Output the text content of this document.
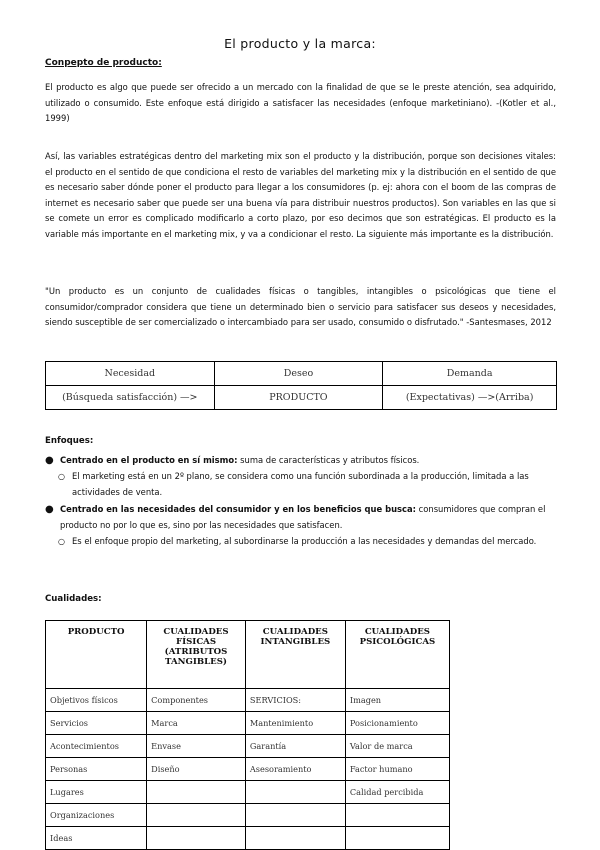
El producto y la marca:
Conpepto de producto:

El producto es algo que puede ser ofrecido a un mercado con la finalidad de que se le preste atención, sea adquirido, utilizado o consumido. Este enfoque está dirigido a satisfacer las necesidades (enfoque marketiniano). -(Kotler et al., 1999)

Así, las variables estratégicas dentro del marketing mix son el producto y la distribución, porque son decisiones vitales: el producto en el sentido de que condiciona el resto de variables del marketing mix y la distribución en el sentido de que es necesario saber dónde poner el producto para llegar a los consumidores (p. ej: ahora con el boom de las compras de internet es necesario saber que puede ser una buena vía para distribuir nuestros productos). Son variables en las que si se comete un error es complicado modificarlo a corto plazo, por eso decimos que son estratégicas. El producto es la variable más importante en el marketing mix, y va a condicionar el resto. La siguiente más importante es la distribución.

"Un producto es un conjunto de cualidades físicas o tangibles, intangibles o psicológicas que tiene el consumidor/comprador considera que tiene un determinado bien o servicio para satisfacer sus deseos y necesidades, siendo susceptible de ser comercializado o intercambiado para ser usado, consumido o disfrutado." -Santesmases, 2012

Necesidad	Deseo	Demanda
(Búsqueda satisfacción) —>	PRODUCTO	(Expectativas) —>(Arriba)
Enfoques:
● Centrado en el producto en sí mismo: suma de características y atributos físicos.
○ El marketing está en un 2º plano, se considera como una función subordinada a la producción, limitada a las actividades de venta.
● Centrado en las necesidades del consumidor y en los beneficios que busca: consumidores que compran el producto no por lo que es, sino por las necesidades que satisfacen.
○ Es el enfoque propio del marketing, al subordinarse la producción a las necesidades y demandas del mercado.
Cualidades:
PRODUCTO	CUALIDADES FÍSICAS (ATRIBUTOS TANGIBLES)	CUALIDADES INTANGIBLES	CUALIDADES PSICOLÓGICAS
Objetivos físicos	Componentes	SERVICIOS:	Imagen
Servicios	Marca	Mantenimiento	Posicionamiento
Acontecimientos	Envase	Garantía	Valor de marca
Personas	Diseño	Asesoramiento	Factor humano
Lugares			Calidad percibida
Organizaciones			
Ideas			
